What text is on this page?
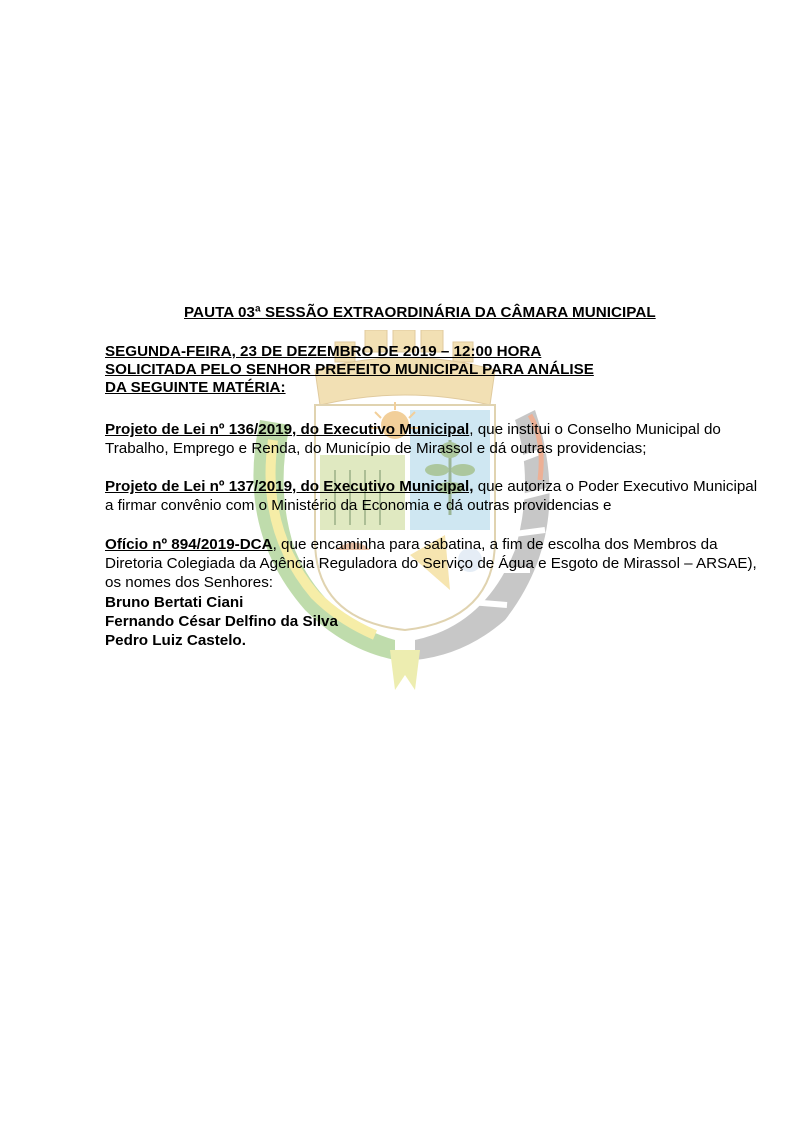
PAUTA 03ª SESSÃO EXTRAORDINÁRIA DA CÂMARA MUNICIPAL
SEGUNDA-FEIRA, 23 DE DEZEMBRO DE 2019 – 12:00 HORA
SOLICITADA PELO SENHOR PREFEITO MUNICIPAL PARA ANÁLISE
DA SEGUINTE MATÉRIA:
Projeto de Lei nº 136/2019, do Executivo Municipal, que institui o Conselho Municipal do Trabalho, Emprego e Renda, do Município de Mirassol e dá outras providencias;
Projeto de Lei nº 137/2019, do Executivo Municipal, que autoriza o Poder Executivo Municipal a firmar convênio com o Ministério da Economia e dá outras providencias e
Ofício nº 894/2019-DCA, que encaminha para sabatina, a fim de escolha dos Membros da Diretoria Colegiada da Agência Reguladora do Serviço de Água e Esgoto de Mirassol – ARSAE), os nomes dos Senhores:
Bruno Bertati Ciani
Fernando César Delfino da Silva
Pedro Luiz Castelo.
